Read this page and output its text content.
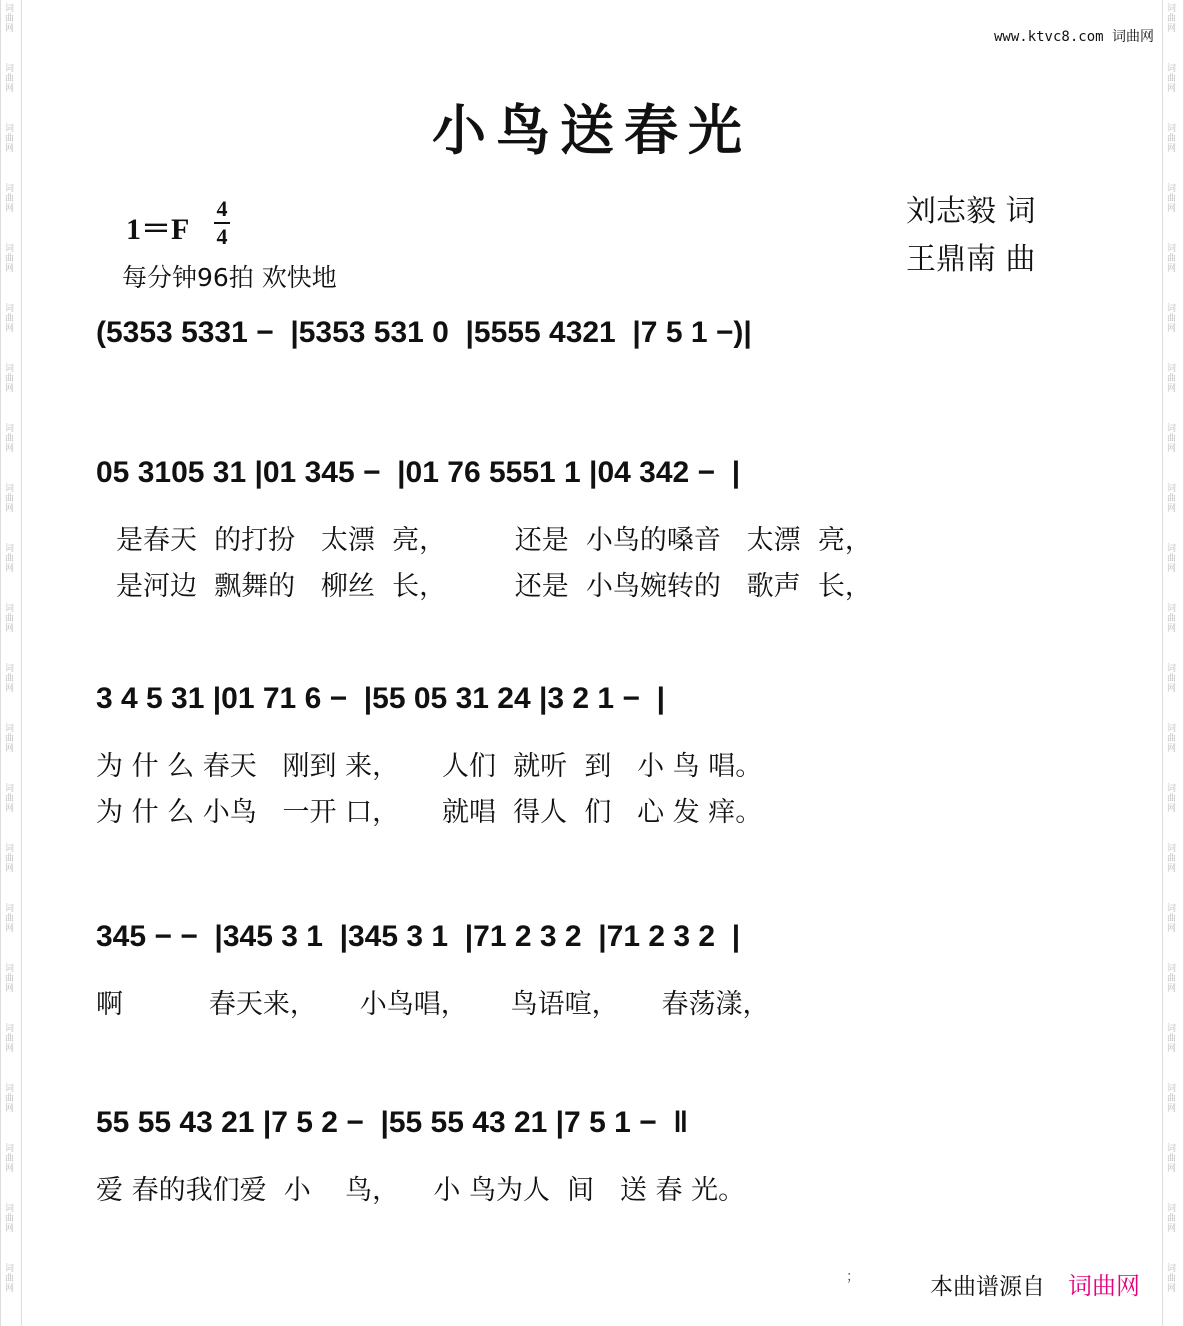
词
曲
网
词
曲
网
词
曲
网
词
曲
网
词
曲
网
词
曲
网
词
曲
网
词
曲
网
词
曲
网
词
曲
网
词
曲
网
词
曲
网
词
曲
网
词
曲
网
词
曲
网
词
曲
网
词
曲
网
词
曲
网
词
曲
网
词
曲
网
词
曲
网
词
曲
网
词
曲
网
词
曲
网
词
曲
网
词
曲
网
词
曲
网
词
曲
网
词
曲
网
词
曲
网
词
曲
网
词
曲
网
词
曲
网
词
曲
网
词
曲
网
词
曲
网
词
曲
网
词
曲
网
词
曲
网
词
曲
网
词
曲
网
词
曲
网
词
曲
网
词
曲
网
www.ktvc8.com 词曲网
小鸟送春光
1＝F
4
4
每分钟96拍 欢快地
刘志毅 词
王鼎南 曲
(5353 5331 −  |5353 531 0  |5555 4321  |7 5 1 −)|
05 3105 31 |01 345 −  |01 76 5551 1 |04 342 −  |
是春天  的打扮   太漂  亮，        还是  小鸟的嗓音   太漂  亮，
是河边  飘舞的   柳丝  长，        还是  小鸟婉转的   歌声  长，
3 4 5 31 |01 71 6 −  |55 05 31 24 |3 2 1 −  |
为 什 么 春天   刚到 来，     人们  就听  到   小 鸟 唱。
为 什 么 小鸟   一开 口，     就唱  得人  们   心 发 痒。
345 − −  |345 3 1  |345 3 1  |71 2 3 2  |71 2 3 2  |
啊          春天来，     小鸟唱，     鸟语喧，     春荡漾，
55 55 43 21 |7 5 2 −  |55 55 43 21 |7 5 1 −  ‖
爱 春的我们爱  小    鸟，    小 鸟为人  间   送 春 光。
；	本曲谱源自 词曲网
